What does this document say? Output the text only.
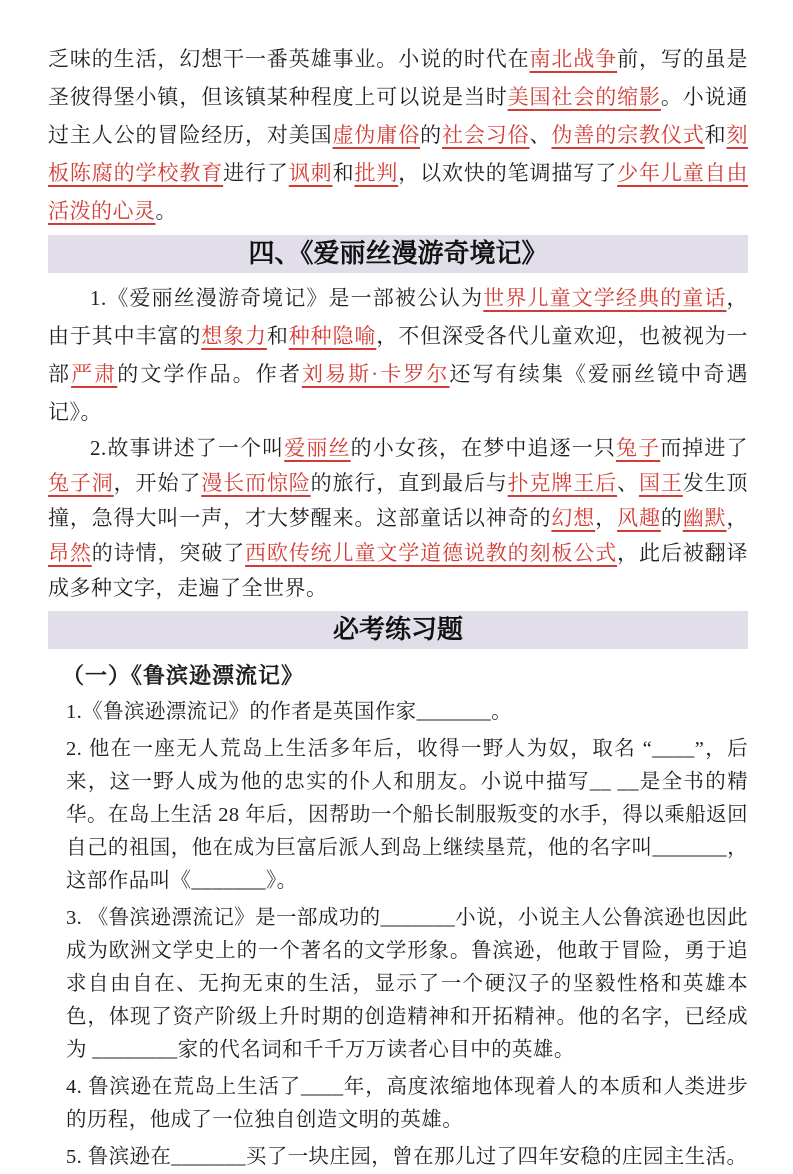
乏味的生活，幻想干一番英雄事业。小说的时代在南北战争前，写的虽是圣彼得堡小镇，但该镇某种程度上可以说是当时美国社会的缩影。小说通过主人公的冒险经历，对美国虚伪庸俗的社会习俗、伪善的宗教仪式和刻板陈腐的学校教育进行了讽刺和批判，以欢快的笔调描写了少年儿童自由活泼的心灵。

四、《爱丽丝漫游奇境记》

1.《爱丽丝漫游奇境记》是一部被公认为世界儿童文学经典的童话，由于其中丰富的想象力和种种隐喻，不但深受各代儿童欢迎，也被视为一部严肃的文学作品。作者刘易斯·卡罗尔还写有续集《爱丽丝镜中奇遇记》。

2.故事讲述了一个叫爱丽丝的小女孩，在梦中追逐一只兔子而掉进了兔子洞，开始了漫长而惊险的旅行，直到最后与扑克牌王后、国王发生顶撞，急得大叫一声，才大梦醒来。这部童话以神奇的幻想，风趣的幽默，昂然的诗情，突破了西欧传统儿童文学道德说教的刻板公式，此后被翻译成多种文字，走遍了全世界。

必考练习题
（一）《鲁滨逊漂流记》

1.《鲁滨逊漂流记》的作者是英国作家_______。

2. 他在一座无人荒岛上生活多年后，收得一野人为奴，取名 “____”，后来，这一野人成为他的忠实的仆人和朋友。小说中描写__ __是全书的精华。在岛上生活 28 年后，因帮助一个船长制服叛变的水手，得以乘船返回自己的祖国，他在成为巨富后派人到岛上继续垦荒，他的名字叫_______，这部作品叫《_______》。

3. 《鲁滨逊漂流记》是一部成功的_______小说，小说主人公鲁滨逊也因此成为欧洲文学史上的一个著名的文学形象。鲁滨逊，他敢于冒险，勇于追求自由自在、无拘无束的生活，显示了一个硬汉子的坚毅性格和英雄本色，体现了资产阶级上升时期的创造精神和开拓精神。他的名字，已经成为 ________家的代名词和千千万万读者心目中的英雄。

4. 鲁滨逊在荒岛上生活了____年，高度浓缩地体现着人的本质和人类进步的历程，他成了一位独自创造文明的英雄。

5. 鲁滨逊在_______买了一块庄园，曾在那儿过了四年安稳的庄园主生活。
